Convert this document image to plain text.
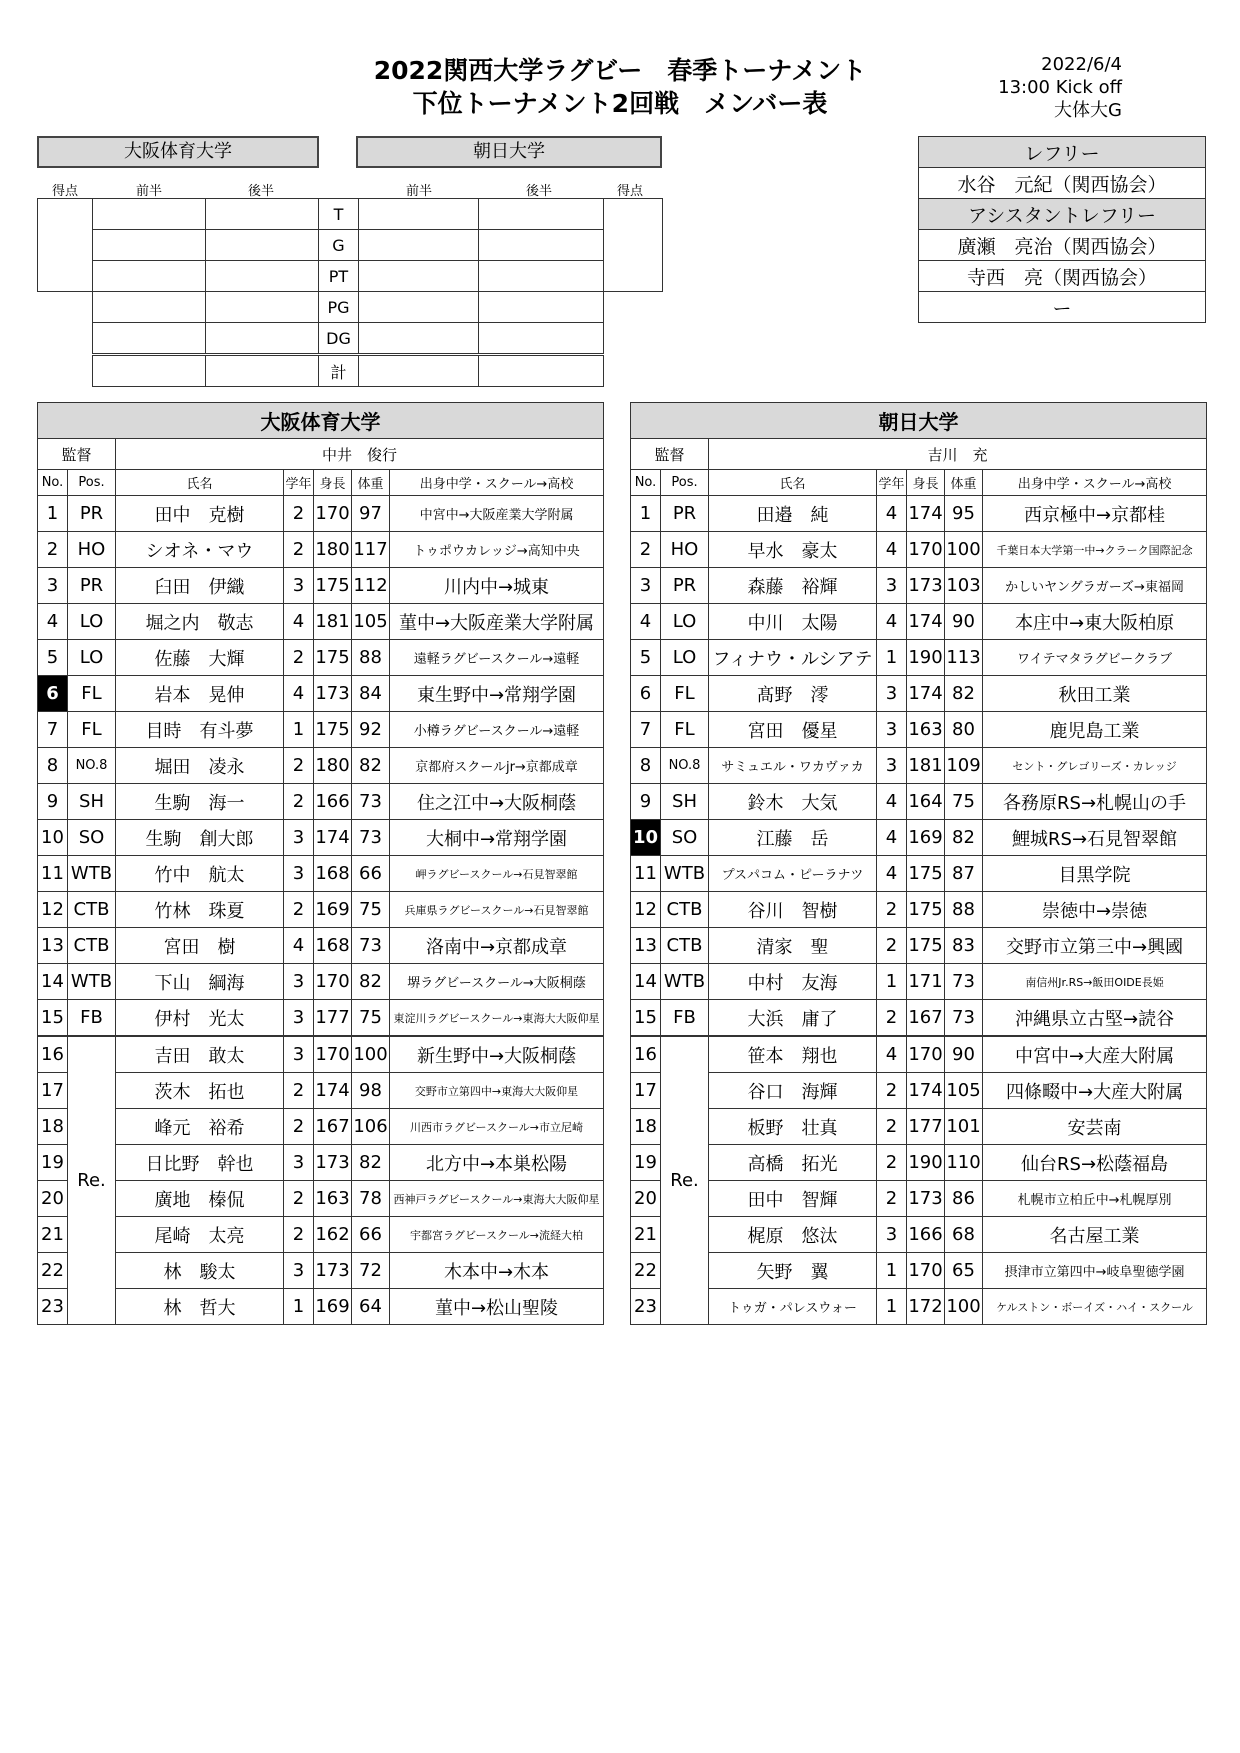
2022関西大学ラグビー　春季トーナメント
下位トーナメント2回戦　メンバー表
2022/6/4
13:00 Kick off
大体大G
大阪体育大学	朝日大学
得点	前半	後半	前半	後半	得点
			T			
			G			
			PT			
			PG			
			DG			
			計			
レフリー
水谷　元紀（関西協会）
アシスタントレフリー
廣瀬　亮治（関西協会）
寺西　亮（関西協会）
ー
大阪体育大学						
監督		中井　俊行				
No.	Pos.	氏名	学年	身長	体重	出身中学・スクール→高校
1	PR	田中　克樹	2	170	97	中宮中→大阪産業大学附属
2	HO	シオネ・マウ	2	180	117	トゥポウカレッジ→高知中央
3	PR	臼田　伊織	3	175	112	川内中→城東
4	LO	堀之内　敬志	4	181	105	菫中→大阪産業大学附属
5	LO	佐藤　大輝	2	175	88	遠軽ラグビースクール→遠軽
6	FL	岩本　晃伸	4	173	84	東生野中→常翔学園
7	FL	目時　有斗夢	1	175	92	小樽ラグビースクール→遠軽
8	NO.8	堀田　凌永	2	180	82	京都府スクールjr→京都成章
9	SH	生駒　海一	2	166	73	住之江中→大阪桐蔭
10	SO	生駒　創大郎	3	174	73	大桐中→常翔学園
11	WTB	竹中　航太	3	168	66	岬ラグビースクール→石見智翠館
12	CTB	竹林　珠夏	2	169	75	兵庫県ラグビースクール→石見智翠館
13	CTB	宮田　樹	4	168	73	洛南中→京都成章
14	WTB	下山　綱海	3	170	82	堺ラグビースクール→大阪桐蔭
15	FB	伊村　光太	3	177	75	東淀川ラグビースクール→東海大大阪仰星
16	Re.	吉田　敢太	3	170	100	新生野中→大阪桐蔭
17		茨木　拓也	2	174	98	交野市立第四中→東海大大阪仰星
18		峰元　裕希	2	167	106	川西市ラグビースクール→市立尼崎
19		日比野　幹也	3	173	82	北方中→本巣松陽
20		廣地　榛侃	2	163	78	西神戸ラグビースクール→東海大大阪仰星
21		尾崎　太亮	2	162	66	宇都宮ラグビースクール→流経大柏
22		林　駿太	3	173	72	木本中→木本
23		林　哲大	1	169	64	菫中→松山聖陵
朝日大学						
監督		吉川　充				
No.	Pos.	氏名	学年	身長	体重	出身中学・スクール→高校
1	PR	田邉　純	4	174	95	西京極中→京都桂
2	HO	早水　豪太	4	170	100	千葉日本大学第一中→クラーク国際記念
3	PR	森藤　裕輝	3	173	103	かしいヤングラガーズ→東福岡
4	LO	中川　太陽	4	174	90	本庄中→東大阪柏原
5	LO	フィナウ・ルシアテ	1	190	113	ワイテマタラグビークラブ
6	FL	髙野　澪	3	174	82	秋田工業
7	FL	宮田　優星	3	163	80	鹿児島工業
8	NO.8	サミュエル・ワカヴァカ	3	181	109	セント・グレゴリーズ・カレッジ
9	SH	鈴木　大気	4	164	75	各務原RS→札幌山の手
10	SO	江藤　岳	4	169	82	鯉城RS→石見智翠館
11	WTB	プスパコム・ピーラナツ	4	175	87	目黒学院
12	CTB	谷川　智樹	2	175	88	崇徳中→崇徳
13	CTB	清家　聖	2	175	83	交野市立第三中→興國
14	WTB	中村　友海	1	171	73	南信州Jr.RS→飯田OIDE長姫
15	FB	大浜　庸了	2	167	73	沖縄県立古堅→読谷
16	Re.	笹本　翔也	4	170	90	中宮中→大産大附属
17		谷口　海輝	2	174	105	四條畷中→大産大附属
18		板野　壮真	2	177	101	安芸南
19		高橋　拓光	2	190	110	仙台RS→松蔭福島
20		田中　智輝	2	173	86	札幌市立柏丘中→札幌厚別
21		梶原　悠汰	3	166	68	名古屋工業
22		矢野　翼	1	170	65	摂津市立第四中→岐阜聖徳学園
23		トゥガ・パレスウォー	1	172	100	ケルストン・ボーイズ・ハイ・スクール
